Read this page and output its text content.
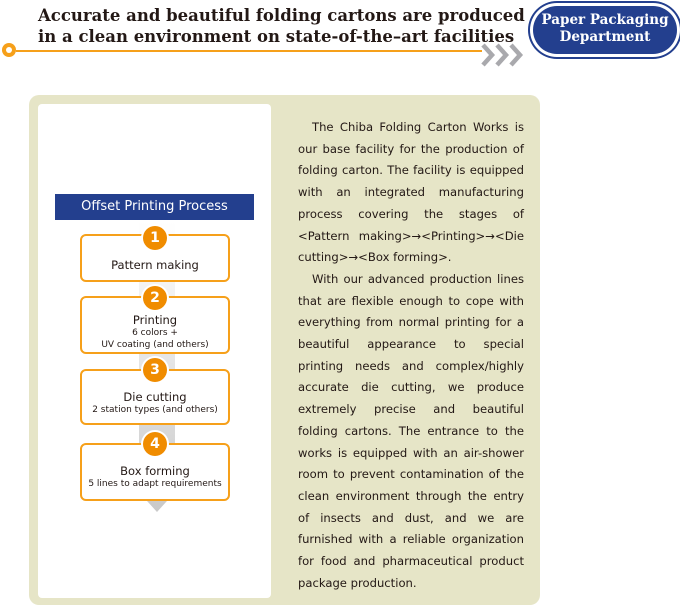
Accurate and beautiful folding cartons are produced
in a clean environment on state-of-the–art facilities
Paper Packaging
Department
Offset Printing Process
1
Pattern making
2
Printing
6 colors +
UV coating (and others)
3
Die cutting
2 station types (and others)
4
Box forming
5 lines to adapt requirements

The Chiba Folding Carton Works is our base facility for the production of folding carton. The facility is equipped with an integrated manufacturing process covering the stages of <Pattern making>→<Printing>→<Die cutting>→<Box forming>.

With our advanced production lines that are flexible enough to cope with everything from normal printing for a beautiful appearance to special printing needs and complex/highly accurate die cutting, we produce extremely precise and beautiful folding cartons. The entrance to the works is equipped with an air-shower room to prevent contamination of the clean environment through the entry of insects and dust, and we are furnished with a reliable organization for food and pharmaceutical product package production.
